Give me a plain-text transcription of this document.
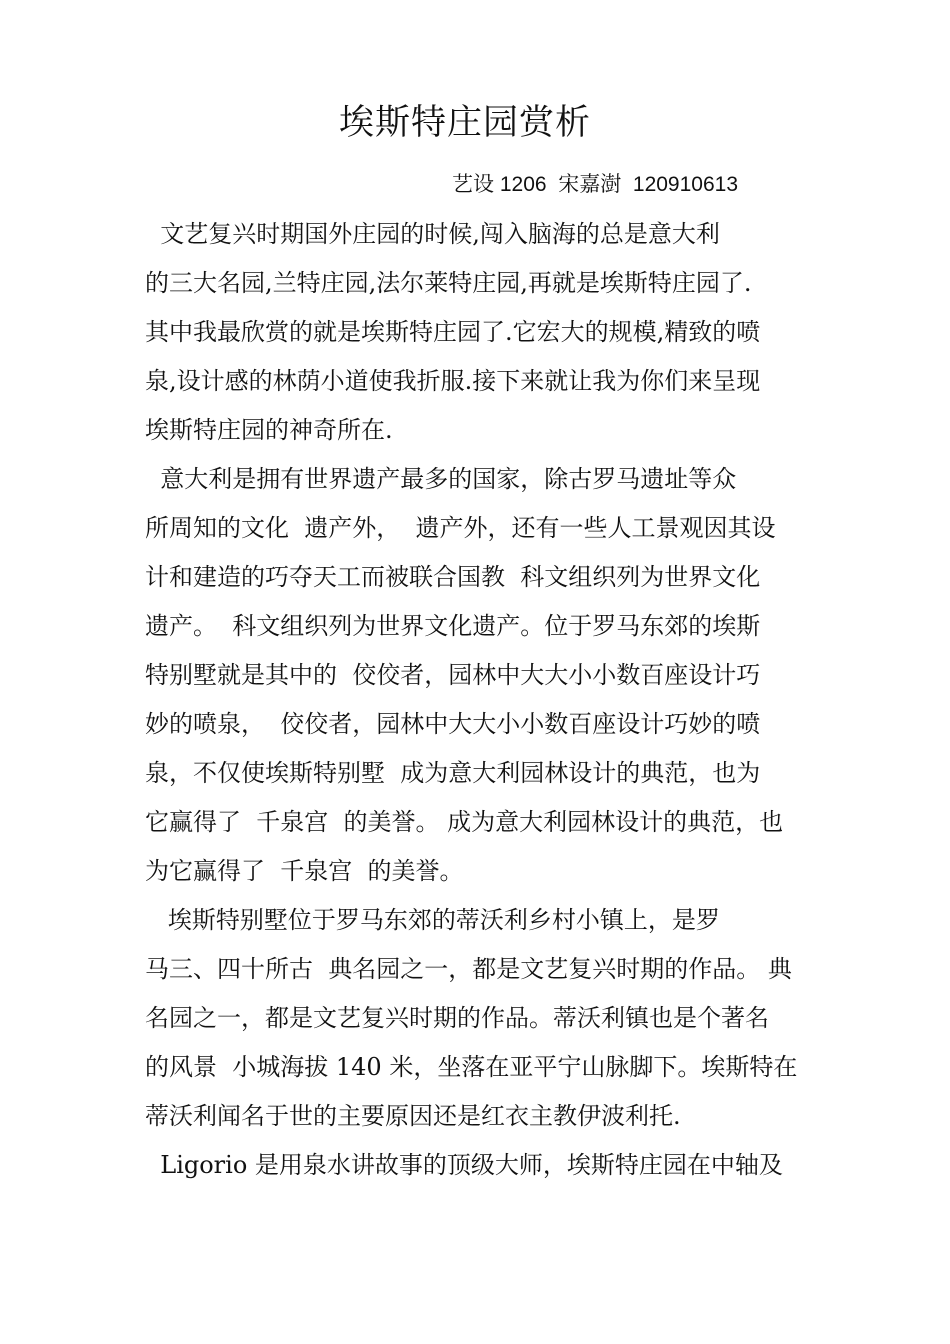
埃斯特庄园赏析
艺设 1206  宋嘉澍  120910613
文艺复兴时期国外庄园的时候,闯入脑海的总是意大利
的三大名园,兰特庄园,法尔莱特庄园,再就是埃斯特庄园了.
其中我最欣赏的就是埃斯特庄园了.它宏大的规模,精致的喷
泉,设计感的林荫小道使我折服.接下来就让我为你们来呈现
埃斯特庄园的神奇所在.
意大利是拥有世界遗产最多的国家，除古罗马遗址等众
所周知的文化  遗产外，  遗产外，还有一些人工景观因其设
计和建造的巧夺天工而被联合国教  科文组织列为世界文化
遗产。  科文组织列为世界文化遗产。位于罗马东郊的埃斯
特别墅就是其中的  佼佼者，园林中大大小小数百座设计巧
妙的喷泉，  佼佼者，园林中大大小小数百座设计巧妙的喷
泉，不仅使埃斯特别墅  成为意大利园林设计的典范，也为
它赢得了  千泉宫  的美誉。 成为意大利园林设计的典范，也
为它赢得了  千泉宫  的美誉。
埃斯特别墅位于罗马东郊的蒂沃利乡村小镇上，是罗
马三、四十所古  典名园之一，都是文艺复兴时期的作品。 典
名园之一，都是文艺复兴时期的作品。蒂沃利镇也是个著名
的风景  小城海拔 140 米，坐落在亚平宁山脉脚下。埃斯特在
蒂沃利闻名于世的主要原因还是红衣主教伊波利托.
Ligorio 是用泉水讲故事的顶级大师，埃斯特庄园在中轴及
